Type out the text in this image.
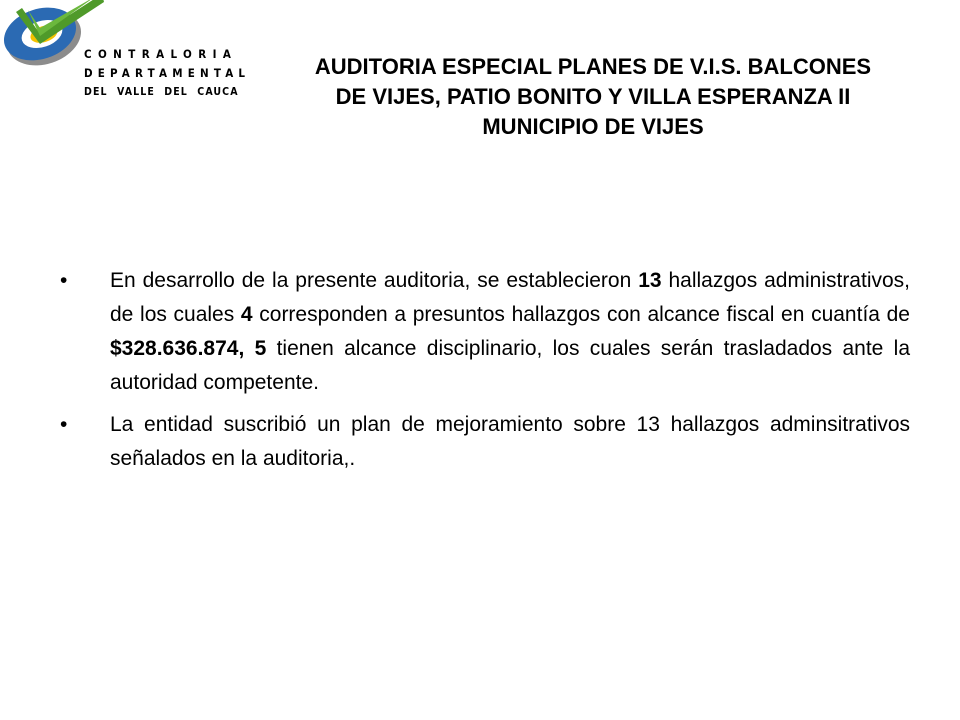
CONTRALORIA
DEPARTAMENTAL
DEL VALLE DEL CAUCA
AUDITORIA ESPECIAL PLANES DE V.I.S. BALCONES
DE VIJES, PATIO BONITO Y VILLA ESPERANZA II
MUNICIPIO DE VIJES
• En desarrollo de la presente auditoria, se establecieron 13 hallazgos administrativos, de los cuales 4 corresponden a presuntos hallazgos con alcance fiscal en cuantía de $328.636.874, 5 tienen alcance disciplinario, los cuales serán trasladados ante la autoridad competente.
• La entidad suscribió un plan de mejoramiento sobre 13 hallazgos adminsitrativos señalados en la auditoria,.
